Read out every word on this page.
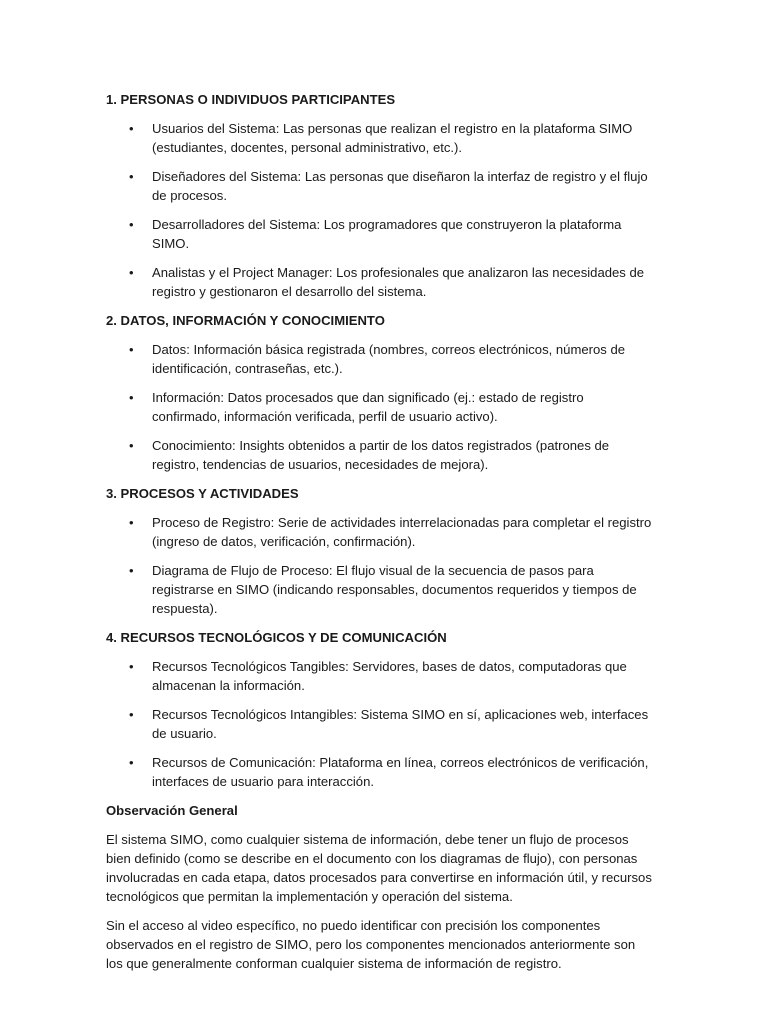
1. PERSONAS O INDIVIDUOS PARTICIPANTES
• Usuarios del Sistema: Las personas que realizan el registro en la plataforma SIMO (estudiantes, docentes, personal administrativo, etc.).
• Diseñadores del Sistema: Las personas que diseñaron la interfaz de registro y el flujo de procesos.
• Desarrolladores del Sistema: Los programadores que construyeron la plataforma SIMO.
• Analistas y el Project Manager: Los profesionales que analizaron las necesidades de registro y gestionaron el desarrollo del sistema.
2. DATOS, INFORMACIÓN Y CONOCIMIENTO
• Datos: Información básica registrada (nombres, correos electrónicos, números de identificación, contraseñas, etc.).
• Información: Datos procesados que dan significado (ej.: estado de registro confirmado, información verificada, perfil de usuario activo).
• Conocimiento: Insights obtenidos a partir de los datos registrados (patrones de registro, tendencias de usuarios, necesidades de mejora).
3. PROCESOS Y ACTIVIDADES
• Proceso de Registro: Serie de actividades interrelacionadas para completar el registro (ingreso de datos, verificación, confirmación).
• Diagrama de Flujo de Proceso: El flujo visual de la secuencia de pasos para registrarse en SIMO (indicando responsables, documentos requeridos y tiempos de respuesta).
4. RECURSOS TECNOLÓGICOS Y DE COMUNICACIÓN
• Recursos Tecnológicos Tangibles: Servidores, bases de datos, computadoras que almacenan la información.
• Recursos Tecnológicos Intangibles: Sistema SIMO en sí, aplicaciones web, interfaces de usuario.
• Recursos de Comunicación: Plataforma en línea, correos electrónicos de verificación, interfaces de usuario para interacción.
Observación General

El sistema SIMO, como cualquier sistema de información, debe tener un flujo de procesos bien definido (como se describe en el documento con los diagramas de flujo), con personas involucradas en cada etapa, datos procesados para convertirse en información útil, y recursos tecnológicos que permitan la implementación y operación del sistema.

Sin el acceso al video específico, no puedo identificar con precisión los componentes observados en el registro de SIMO, pero los componentes mencionados anteriormente son los que generalmente conforman cualquier sistema de información de registro.
